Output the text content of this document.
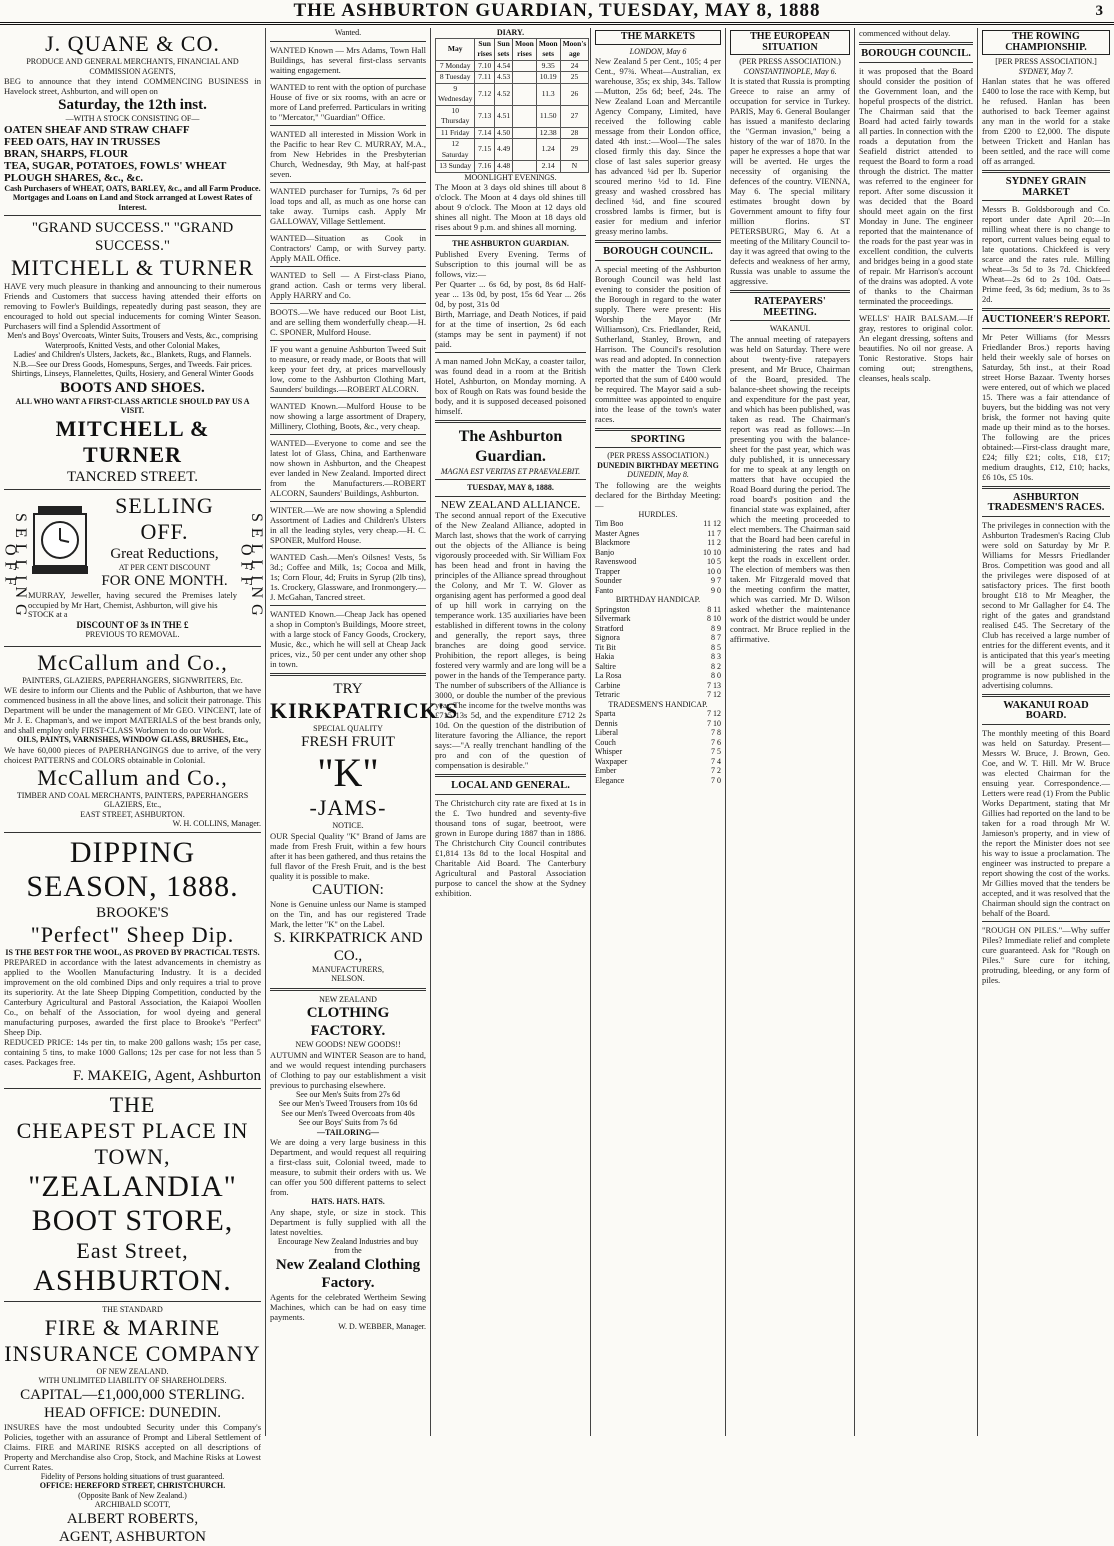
THE ASHBURTON GUARDIAN, TUESDAY, MAY 8, 1888	3
J. QUANE & CO.
PRODUCE AND GENERAL MERCHANTS, FINANCIAL AND COMMISSION AGENTS,
BEG to announce that they intend COMMENCING BUSINESS in Havelock street, Ashburton, and will open on
Saturday, the 12th inst.
—WITH A STOCK CONSISTING OF—
OATEN SHEAF AND STRAW CHAFF
FEED OATS, HAY IN TRUSSES
BRAN, SHARPS, FLOUR
TEA, SUGAR, POTATOES, FOWLS' WHEAT
PLOUGH SHARES, &c., &c.
Cash Purchasers of WHEAT, OATS, BARLEY, &c., and all Farm Produce. Mortgages and Loans on Land and Stock arranged at Lowest Rates of Interest.
"GRAND SUCCESS." "GRAND SUCCESS."
MITCHELL & TURNER
HAVE very much pleasure in thanking and announcing to their numerous Friends and Customers that success having attended their efforts on removing to Fowler's Buildings, repeatedly during past season, they are encouraged to hold out special inducements for coming Winter Season. Purchasers will find a Splendid Assortment of
Men's and Boys' Overcoats, Winter Suits, Trousers and Vests, &c., comprising
Waterproofs, Knitted Vests, and other Colonial Makes,
Ladies' and Children's Ulsters, Jackets, &c., Blankets, Rugs, and Flannels.
N.B.—See our Dress Goods, Homespuns, Serges, and Tweeds. Fair prices.
Shirtings, Linseys, Flannelettes, Quilts, Hosiery, and General Winter Goods
BOOTS AND SHOES.
ALL WHO WANT A FIRST-CLASS ARTICLE SHOULD PAY US A VISIT.
MITCHELL & TURNER
TANCRED STREET.
SELLING OFF	SELLING OFF
SELLING OFF.
Great Reductions,
AT PER CENT DISCOUNT
FOR ONE MONTH.
MURRAY, Jeweller, having secured the Premises lately occupied by Mr Hart, Chemist, Ashburton, will give his
STOCK at a
DISCOUNT OF 3s IN THE £
PREVIOUS TO REMOVAL.
McCallum and Co.,
PAINTERS, GLAZIERS, PAPERHANGERS, SIGNWRITERS, Etc.
WE desire to inform our Clients and the Public of Ashburton, that we have commenced business in all the above lines, and solicit their patronage. This Department will be under the management of Mr GEO. VINCENT, late of Mr J. E. Chapman's, and we import MATERIALS of the best brands only, and shall employ only FIRST-CLASS Workmen to do our Work.
OILS, PAINTS, VARNISHES, WINDOW GLASS, BRUSHES, Etc.,
We have 60,000 pieces of PAPERHANGINGS due to arrive, of the very choicest PATTERNS and COLORS obtainable in Colonial.
McCallum and Co.,
TIMBER AND COAL MERCHANTS, PAINTERS, PAPERHANGERS GLAZIERS, Etc.,
EAST STREET, ASHBURTON.
W. H. COLLINS, Manager.
DIPPING SEASON, 1888.
BROOKE'S
"Perfect" Sheep Dip.
IS THE BEST FOR THE WOOL, AS PROVED BY PRACTICAL TESTS.
PREPARED in accordance with the latest advancements in chemistry as applied to the Woollen Manufacturing Industry. It is a decided improvement on the old combined Dips and only requires a trial to prove its superiority. At the late Sheep Dipping Competition, conducted by the Canterbury Agricultural and Pastoral Association, the Kaiapoi Woollen Co., on behalf of the Association, for wool dyeing and general manufacturing purposes, awarded the first place to Brooke's "Perfect" Sheep Dip.
REDUCED PRICE: 14s per tin, to make 200 gallons wash; 15s per case, containing 5 tins, to make 1000 Gallons; 12s per case for not less than 5 cases. Packages free.
F. MAKEIG, Agent, Ashburton
THE
CHEAPEST PLACE IN TOWN,
"ZEALANDIA" BOOT STORE,
East Street,
ASHBURTON.
THE STANDARD
FIRE & MARINE INSURANCE COMPANY
OF NEW ZEALAND.
WITH UNLIMITED LIABILITY OF SHAREHOLDERS.
CAPITAL—£1,000,000 STERLING.
HEAD OFFICE: DUNEDIN.
INSURES have the most undoubted Security under this Company's Policies, together with an assurance of Prompt and Liberal Settlement of Claims. FIRE and MARINE RISKS accepted on all descriptions of Property and Merchandise also Crop, Stock, and Machine Risks at Lowest Current Rates.
Fidelity of Persons holding situations of trust guaranteed.
OFFICE: HEREFORD STREET, CHRISTCHURCH.
(Opposite Bank of New Zealand.)
ARCHIBALD SCOTT,
ALBERT ROBERTS,
AGENT, ASHBURTON
Wanted.
WANTED Known — Mrs Adams, Town Hall Buildings, has several first-class servants waiting engagement.
WANTED to rent with the option of purchase House of five or six rooms, with an acre or more of Land preferred. Particulars in writing to "Mercator," "Guardian" Office.
WANTED all interested in Mission Work in the Pacific to hear Rev C. MURRAY, M.A., from New Hebrides in the Presbyterian Church, Wednesday, 9th May, at half-past seven.
WANTED purchaser for Turnips, 7s 6d per load tops and all, as much as one horse can take away. Turnips cash. Apply Mr GALLOWAY, Village Settlement.
WANTED—Situation as Cook in Contractors' Camp, or with Survey party. Apply MAIL Office.
WANTED to Sell — A First-class Piano, grand action. Cash or terms very liberal. Apply HARRY and Co.
BOOTS.—We have reduced our Boot List, and are selling them wonderfully cheap.—H. C. SPONER, Mulford House.
IF you want a genuine Ashburton Tweed Suit to measure, or ready made, or Boots that will keep your feet dry, at prices marvellously low, come to the Ashburton Clothing Mart, Saunders' buildings.—ROBERT ALCORN.
WANTED Known.—Mulford House to be now showing a large assortment of Drapery, Millinery, Clothing, Boots, &c., very cheap.
WANTED—Everyone to come and see the latest lot of Glass, China, and Earthenware now shown in Ashburton, and the Cheapest ever landed in New Zealand. Imported direct from the Manufacturers.—ROBERT ALCORN, Saunders' Buildings, Ashburton.
WINTER.—We are now showing a Splendid Assortment of Ladies and Children's Ulsters in all the leading styles, very cheap.—H. C. SPONER, Mulford House.
WANTED Cash.—Men's Oilsnes! Vests, 5s 3d.; Coffee and Milk, 1s; Cocoa and Milk, 1s; Corn Flour, 4d; Fruits in Syrup (2lb tins), 1s. Crockery, Glassware, and Ironmongery.—J. McGahan, Tancred street.
WANTED Known.—Cheap Jack has opened a shop in Compton's Buildings, Moore street, with a large stock of Fancy Goods, Crockery, Music, &c., which he will sell at Cheap Jack prices, viz., 50 per cent under any other shop in town.
TRY
KIRKPATRICK'S
SPECIAL QUALITY
FRESH FRUIT
"K"
-JAMS-
NOTICE.
OUR Special Quality "K" Brand of Jams are made from Fresh Fruit, within a few hours after it has been gathered, and thus retains the full flavor of the Fresh Fruit, and is the best quality it is possible to make.
CAUTION:
None is Genuine unless our Name is stamped on the Tin, and has our registered Trade Mark, the letter "K" on the Label.
S. KIRKPATRICK AND CO.,
MANUFACTURERS,
NELSON.
NEW ZEALAND
CLOTHING FACTORY.
NEW GOODS! NEW GOODS!!
AUTUMN and WINTER Season are to hand, and we would request intending purchasers of Clothing to pay our establishment a visit previous to purchasing elsewhere.
See our Men's Suits from 27s 6d
See our Men's Tweed Trousers from 10s 6d
See our Men's Tweed Overcoats from 40s
See our Boys' Suits from 7s 6d
—TAILORING—
We are doing a very large business in this Department, and would request all requiring a first-class suit, Colonial tweed, made to measure, to submit their orders with us. We can offer you 500 different patterns to select from.
HATS. HATS. HATS.
Any shape, style, or size in stock. This Department is fully supplied with all the latest novelties.
Encourage New Zealand Industries and buy from the
New Zealand Clothing Factory.
Agents for the celebrated Wertheim Sewing Machines, which can be had on easy time payments.
W. D. WEBBER, Manager.
DIARY.
May	Sun rises	Sun sets	Moon rises	Moon sets	Moon's age
7 Monday	7.10	4.54		9.35	24
8 Tuesday	7.11	4.53		10.19	25
9 Wednesday	7.12	4.52		11.3	26
10 Thursday	7.13	4.51		11.50	27
11 Friday	7.14	4.50		12.38	28
12 Saturday	7.15	4.49		1.24	29
13 Sunday	7.16	4.48		2.14	N
MOONLIGHT EVENINGS.
The Moon at 3 days old shines till about 8 o'clock. The Moon at 4 days old shines till about 9 o'clock. The Moon at 12 days old shines all night. The Moon at 18 days old rises about 9 p.m. and shines all morning.
THE ASHBURTON GUARDIAN.
Published Every Evening. Terms of Subscription to this journal will be as follows, viz:—
Per Quarter ... 6s 6d, by post, 8s 6d Half-year ... 13s 0d, by post, 15s 6d Year ... 26s 0d, by post, 31s 0d
Birth, Marriage, and Death Notices, if paid for at the time of insertion, 2s 6d each (stamps may be sent in payment) if not paid.
A man named John McKay, a coaster tailor, was found dead in a room at the British Hotel, Ashburton, on Monday morning. A box of Rough on Rats was found beside the body, and it is supposed deceased poisoned himself.
The Ashburton Guardian.
MAGNA EST VERITAS ET PRAEVALEBIT.
TUESDAY, MAY 8, 1888.
NEW ZEALAND ALLIANCE.
The second annual report of the Executive of the New Zealand Alliance, adopted in March last, shows that the work of carrying out the objects of the Alliance is being vigorously proceeded with. Sir William Fox has been head and front in having the principles of the Alliance spread throughout the Colony, and Mr T. W. Glover as organising agent has performed a good deal of up hill work in carrying on the temperance work. 135 auxiliaries have been established in different towns in the colony and generally, the report says, three branches are doing good service. Prohibition, the report alleges, is being fostered very warmly and are long will be a power in the hands of the Temperance party. The number of subscribers of the Alliance is 3000, or double the number of the previous year. The income for the twelve months was £715 13s 5d, and the expenditure £712 2s 10d. On the question of the distribution of literature favoring the Alliance, the report says:—"A really trenchant handling of the pro and con of the question of compensation is desirable."
LOCAL AND GENERAL.
The Christchurch city rate are fixed at 1s in the £. Two hundred and seventy-five thousand tons of sugar, beetroot, were grown in Europe during 1887 than in 1886. The Christchurch City Council contributes £1,814 13s 8d to the local Hospital and Charitable Aid Board. The Canterbury Agricultural and Pastoral Association purpose to cancel the show at the Sydney exhibition.
THE MARKETS
LONDON, May 6
New Zealand 5 per Cent., 105; 4 per Cent., 97¾. Wheat—Australian, ex warehouse, 35s; ex ship, 34s. Tallow—Mutton, 25s 6d; beef, 24s. The New Zealand Loan and Mercantile Agency Company, Limited, have received the following cable message from their London office, dated 4th inst.:—Wool—The sales closed firmly this day. Since the close of last sales superior greasy has advanced ¼d per lb. Superior scoured merino ½d to 1d. Fine greasy and washed crossbred has declined ¼d, and fine scoured crossbred lambs is firmer, but is easier for medium and inferior greasy merino lambs.
BOROUGH COUNCIL.
A special meeting of the Ashburton Borough Council was held last evening to consider the position of the Borough in regard to the water supply. There were present: His Worship the Mayor (Mr Williamson), Crs. Friedlander, Reid, Sutherland, Stanley, Brown, and Harrison. The Council's resolution was read and adopted. In connection with the matter the Town Clerk reported that the sum of £400 would be required. The Mayor said a sub-committee was appointed to enquire into the lease of the town's water races.
SPORTING
(PER PRESS ASSOCIATION.)
DUNEDIN BIRTHDAY MEETING
DUNEDIN, May 8.
The following are the weights declared for the Birthday Meeting:—
HURDLES.
Tim Boo	11 12
Master Agnes	11 7
Blackmore	11 2
Banjo	10 10
Ravenswood	10 5
Trapper	10 0
Sounder	9 7
Fanto	9 0
BIRTHDAY HANDICAP.
Springston	8 11
Silvermark	8 10
Stratford	8 9
Signora	8 7
Tit Bit	8 5
Hakia	8 3
Saltire	8 2
La Rosa	8 0
Carbine	7 13
Tetraric	7 12
TRADESMEN'S HANDICAP.
Sparta	7 12
Dennis	7 10
Liberal	7 8
Couch	7 6
Whisper	7 5
Waxpaper	7 4
Ember	7 2
Elegance	7 0
THE EUROPEAN SITUATION
(PER PRESS ASSOCIATION.)
CONSTANTINOPLE, May 6.
It is stated that Russia is prompting Greece to raise an army of occupation for service in Turkey. PARIS, May 6. General Boulanger has issued a manifesto declaring the "German invasion," being a history of the war of 1870. In the paper he expresses a hope that war will be averted. He urges the necessity of organising the defences of the country. VIENNA, May 6. The special military estimates brought down by Government amount to fifty four million florins. ST PETERSBURG, May 6. At a meeting of the Military Council to-day it was agreed that owing to the defects and weakness of her army, Russia was unable to assume the aggressive.
RATEPAYERS' MEETING.
WAKANUI.
The annual meeting of ratepayers was held on Saturday. There were about twenty-five ratepayers present, and Mr Bruce, Chairman of the Board, presided. The balance-sheet showing the receipts and expenditure for the past year, and which has been published, was taken as read. The Chairman's report was read as follows:—In presenting you with the balance-sheet for the past year, which was duly published, it is unnecessary for me to speak at any length on matters that have occupied the Road Board during the period. The road board's position and the financial state was explained, after which the meeting proceeded to elect members. The Chairman said that the Board had been careful in administering the rates and had kept the roads in excellent order. The election of members was then taken. Mr Fitzgerald moved that the meeting confirm the matter, which was carried. Mr D. Wilson asked whether the maintenance work of the district would be under contract. Mr Bruce replied in the affirmative.
commenced without delay.
BOROUGH COUNCIL.
it was proposed that the Board should consider the position of the Government loan, and the hopeful prospects of the district. The Chairman said that the Board had acted fairly towards all parties. In connection with the roads a deputation from the Seafield district attended to request the Board to form a road through the district. The matter was referred to the engineer for report. After some discussion it was decided that the Board should meet again on the first Monday in June. The engineer reported that the maintenance of the roads for the past year was in excellent condition, the culverts and bridges being in a good state of repair. Mr Harrison's account of the drains was adopted. A vote of thanks to the Chairman terminated the proceedings.
WELLS' HAIR BALSAM.—If gray, restores to original color. An elegant dressing, softens and beautifies. No oil nor grease. A Tonic Restorative. Stops hair coming out; strengthens, cleanses, heals scalp.
THE ROWING CHAMPIONSHIP.
[PER PRESS ASSOCIATION.]
SYDNEY, May 7.
Hanlan states that he was offered £400 to lose the race with Kemp, but he refused. Hanlan has been authorised to back Teemer against any man in the world for a stake from £200 to £2,000. The dispute between Trickett and Hanlan has been settled, and the race will come off as arranged.
SYDNEY GRAIN MARKET
Messrs B. Goldsborough and Co. report under date April 20:—In milling wheat there is no change to report, current values being equal to late quotations. Chickfeed is very scarce and the rates rule. Milling wheat—3s 5d to 3s 7d. Chickfeed Wheat—2s 6d to 2s 10d. Oats—Prime feed, 3s 6d; medium, 3s to 3s 2d.
AUCTIONEER'S REPORT.
Mr Peter Williams (for Messrs Friedlander Bros.) reports having held their weekly sale of horses on Saturday, 5th inst., at their Road street Horse Bazaar. Twenty horses were entered, out of which we placed 15. There was a fair attendance of buyers, but the bidding was not very brisk, the former not having quite made up their mind as to the horses. The following are the prices obtained:—First-class draught mare, £24; filly £21; colts, £18, £17; medium draughts, £12, £10; hacks, £6 10s, £5 10s.
ASHBURTON TRADESMEN'S RACES.
The privileges in connection with the Ashburton Tradesmen's Racing Club were sold on Saturday by Mr P. Williams for Messrs Friedlander Bros. Competition was good and all the privileges were disposed of at satisfactory prices. The first booth brought £18 to Mr Meagher, the second to Mr Gallagher for £4. The right of the gates and grandstand realised £45. The Secretary of the Club has received a large number of entries for the different events, and it is anticipated that this year's meeting will be a great success. The programme is now published in the advertising columns.
WAKANUI ROAD BOARD.
The monthly meeting of this Board was held on Saturday. Present—Messrs W. Bruce, J. Brown, Geo. Coe, and W. T. Hill. Mr W. Bruce was elected Chairman for the ensuing year. Correspondence.—Letters were read (1) From the Public Works Department, stating that Mr Gillies had reported on the land to be taken for a road through Mr W. Jamieson's property, and in view of the report the Minister does not see his way to issue a proclamation. The engineer was instructed to prepare a report showing the cost of the works. Mr Gillies moved that the tenders be accepted, and it was resolved that the Chairman should sign the contract on behalf of the Board.
"ROUGH ON PILES."—Why suffer Piles? Immediate relief and complete cure guaranteed. Ask for "Rough on Piles." Sure cure for itching, protruding, bleeding, or any form of piles.
